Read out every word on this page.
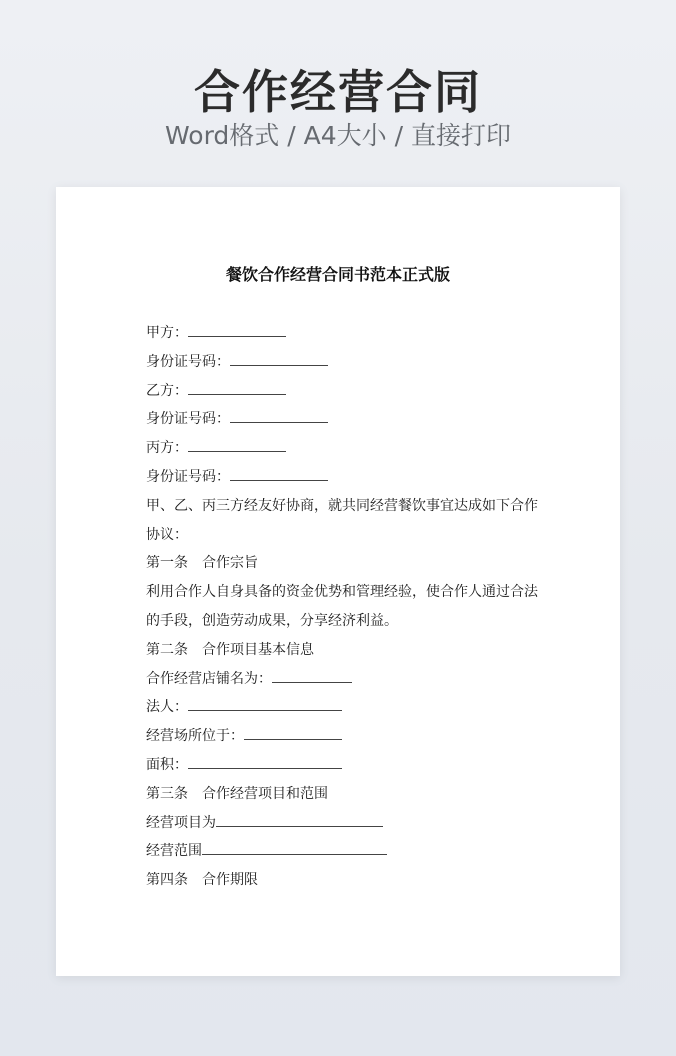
合作经营合同
Word格式 / A4大小 / 直接打印
餐饮合作经营合同书范本正式版
甲方：
身份证号码：
乙方：
身份证号码：
丙方：
身份证号码：
甲、乙、丙三方经友好协商，就共同经营餐饮事宜达成如下合作
协议：
第一条 合作宗旨
利用合作人自身具备的资金优势和管理经验，使合作人通过合法
的手段，创造劳动成果，分享经济利益。
第二条 合作项目基本信息
合作经营店铺名为：
法人：
经营场所位于：
面积：
第三条 合作经营项目和范围
经营项目为
经营范围
第四条 合作期限
